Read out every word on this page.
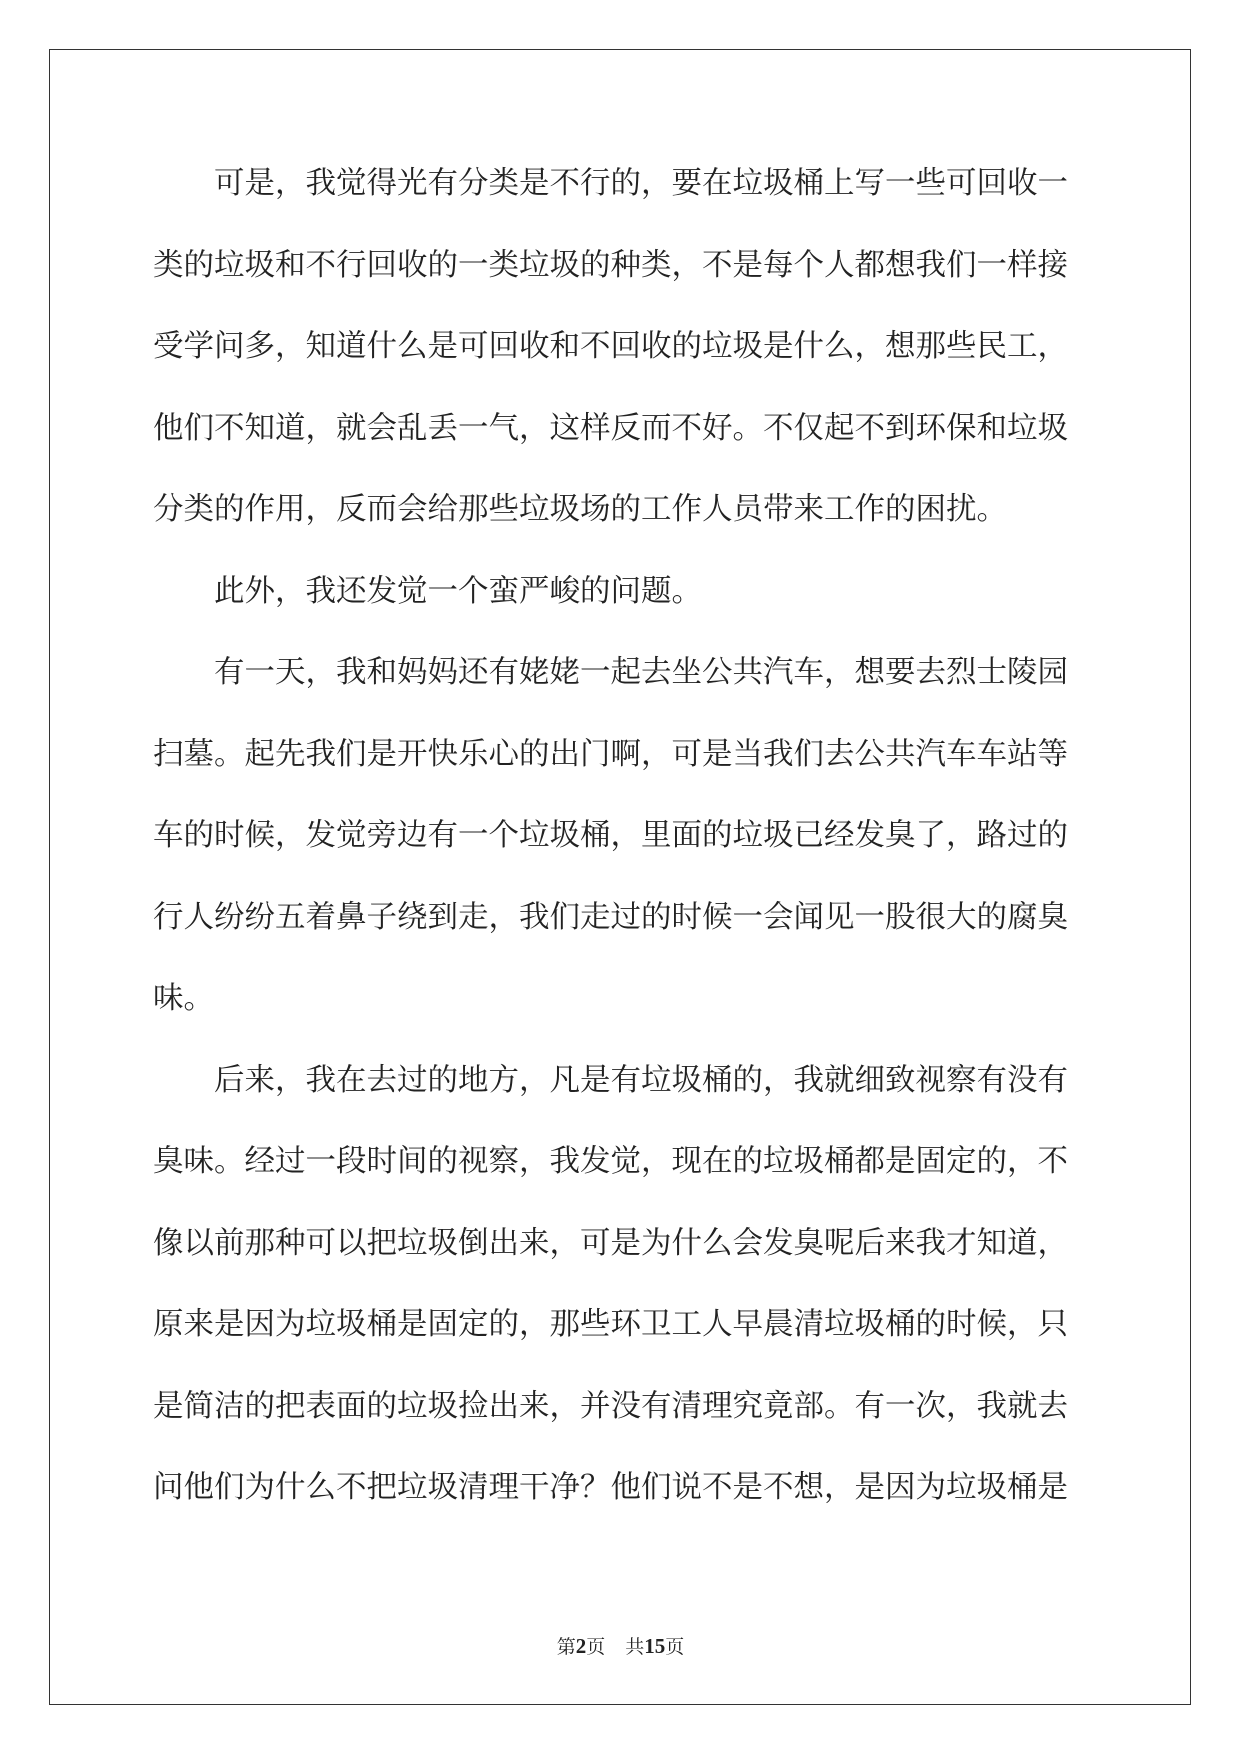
　　可是，我觉得光有分类是不行的，要在垃圾桶上写一些可回收一
类的垃圾和不行回收的一类垃圾的种类，不是每个人都想我们一样接
受学问多，知道什么是可回收和不回收的垃圾是什么，想那些民工，
他们不知道，就会乱丢一气，这样反而不好。不仅起不到环保和垃圾
分类的作用，反而会给那些垃圾场的工作人员带来工作的困扰。
　　此外，我还发觉一个蛮严峻的问题。
　　有一天，我和妈妈还有姥姥一起去坐公共汽车，想要去烈士陵园
扫墓。起先我们是开快乐心的出门啊，可是当我们去公共汽车车站等
车的时候，发觉旁边有一个垃圾桶，里面的垃圾已经发臭了，路过的
行人纷纷五着鼻子绕到走，我们走过的时候一会闻见一股很大的腐臭
味。
　　后来，我在去过的地方，凡是有垃圾桶的，我就细致视察有没有
臭味。经过一段时间的视察，我发觉，现在的垃圾桶都是固定的，不
像以前那种可以把垃圾倒出来，可是为什么会发臭呢后来我才知道，
原来是因为垃圾桶是固定的，那些环卫工人早晨清垃圾桶的时候，只
是简洁的把表面的垃圾捡出来，并没有清理究竟部。有一次，我就去
问他们为什么不把垃圾清理干净？他们说不是不想，是因为垃圾桶是
第2页 共15页
